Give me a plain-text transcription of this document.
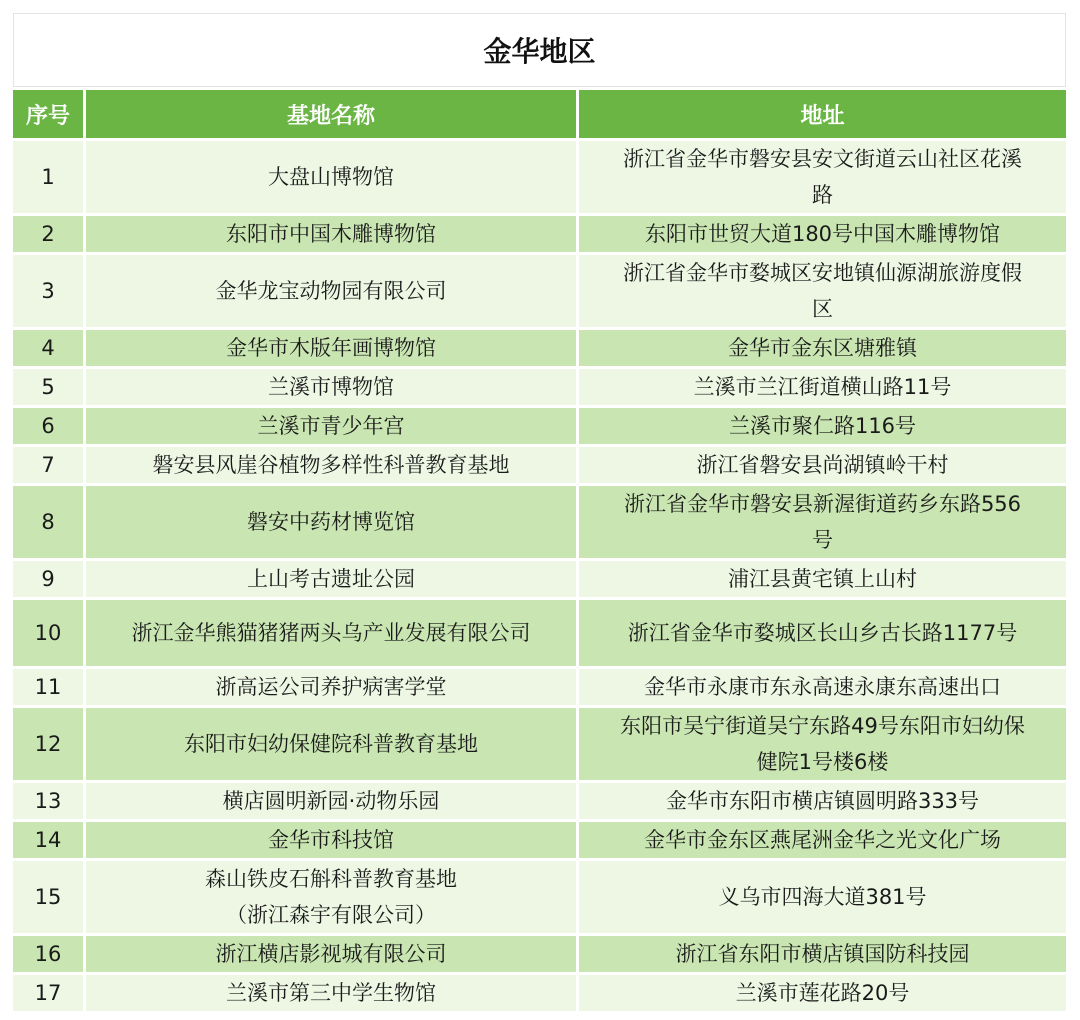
金华地区
序号	基地名称	地址
1	大盘山博物馆	浙江省金华市磐安县安文街道云山社区花溪
路

2	东阳市中国木雕博物馆	东阳市世贸大道180号中国木雕博物馆

3	金华龙宝动物园有限公司	浙江省金华市婺城区安地镇仙源湖旅游度假
区

4	金华市木版年画博物馆	金华市金东区塘雅镇

5	兰溪市博物馆	兰溪市兰江街道横山路11号

6	兰溪市青少年宫	兰溪市聚仁路116号

7	磐安县风崖谷植物多样性科普教育基地	浙江省磐安县尚湖镇岭干村

8	磐安中药材博览馆	浙江省金华市磐安县新渥街道药乡东路556
号

9	上山考古遗址公园	浦江县黄宅镇上山村

10	浙江金华熊猫猪猪两头乌产业发展有限公司	浙江省金华市婺城区长山乡古长路1177号

11	浙高运公司养护病害学堂	金华市永康市东永高速永康东高速出口

12	东阳市妇幼保健院科普教育基地	东阳市吴宁街道吴宁东路49号东阳市妇幼保
健院1号楼6楼

13	横店圆明新园·动物乐园	金华市东阳市横店镇圆明路333号

14	金华市科技馆	金华市金东区燕尾洲金华之光文化广场

15	森山铁皮石斛科普教育基地
（浙江森宇有限公司）	义乌市四海大道381号

16	浙江横店影视城有限公司	浙江省东阳市横店镇国防科技园

17	兰溪市第三中学生物馆	兰溪市莲花路20号
